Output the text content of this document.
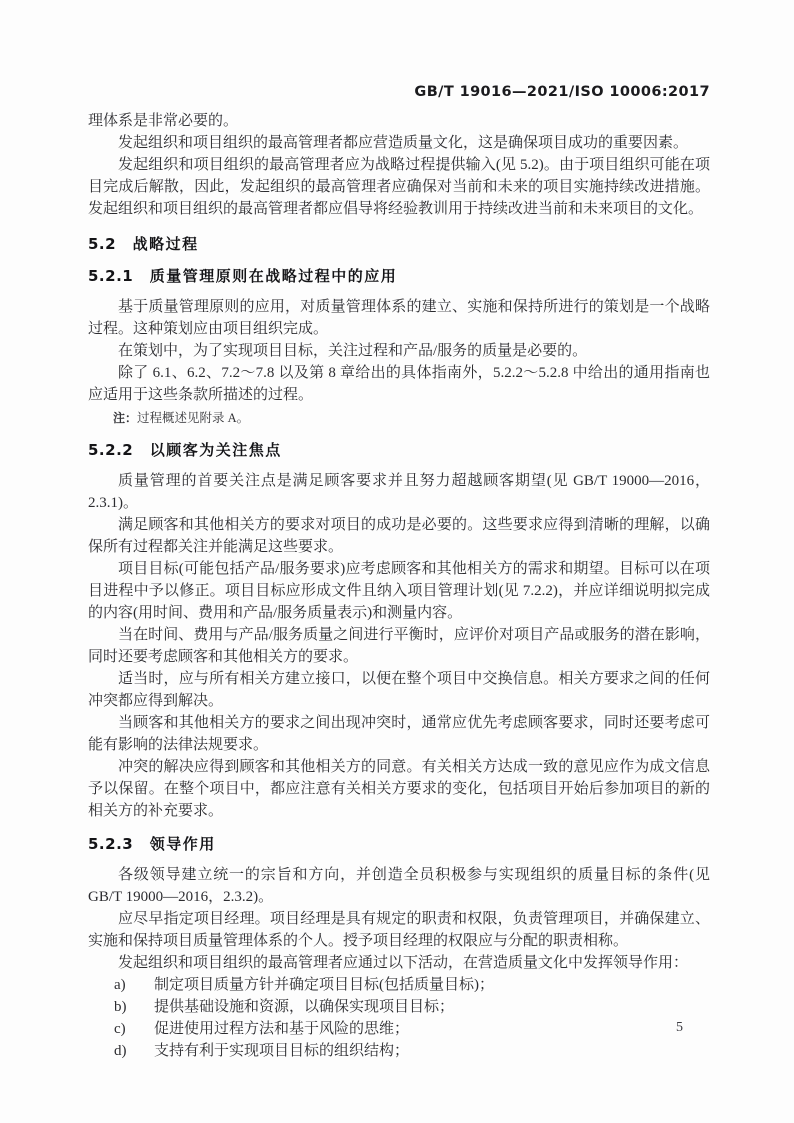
GB/T 19016—2021/ISO 10006:2017

理体系是非常必要的。

发起组织和项目组织的最高管理者都应营造质量文化，这是确保项目成功的重要因素。

发起组织和项目组织的最高管理者应为战略过程提供输入(见 5.2)。由于项目组织可能在项目完成后解散，因此，发起组织的最高管理者应确保对当前和未来的项目实施持续改进措施。发起组织和项目组织的最高管理者都应倡导将经验教训用于持续改进当前和未来项目的文化。

5.2 战略过程
5.2.1 质量管理原则在战略过程中的应用

基于质量管理原则的应用，对质量管理体系的建立、实施和保持所进行的策划是一个战略过程。这种策划应由项目组织完成。

在策划中，为了实现项目目标，关注过程和产品/服务的质量是必要的。

除了 6.1、6.2、7.2～7.8 以及第 8 章给出的具体指南外，5.2.2～5.2.8 中给出的通用指南也应适用于这些条款所描述的过程。

注：过程概述见附录 A。

5.2.2 以顾客为关注焦点

质量管理的首要关注点是满足顾客要求并且努力超越顾客期望(见 GB/T 19000—2016，2.3.1)。

满足顾客和其他相关方的要求对项目的成功是必要的。这些要求应得到清晰的理解，以确保所有过程都关注并能满足这些要求。

项目目标(可能包括产品/服务要求)应考虑顾客和其他相关方的需求和期望。目标可以在项目进程中予以修正。项目目标应形成文件且纳入项目管理计划(见 7.2.2)，并应详细说明拟完成的内容(用时间、费用和产品/服务质量表示)和测量内容。

当在时间、费用与产品/服务质量之间进行平衡时，应评价对项目产品或服务的潜在影响，同时还要考虑顾客和其他相关方的要求。

适当时，应与所有相关方建立接口，以便在整个项目中交换信息。相关方要求之间的任何冲突都应得到解决。

当顾客和其他相关方的要求之间出现冲突时，通常应优先考虑顾客要求，同时还要考虑可能有影响的法律法规要求。

冲突的解决应得到顾客和其他相关方的同意。有关相关方达成一致的意见应作为成文信息予以保留。在整个项目中，都应注意有关相关方要求的变化，包括项目开始后参加项目的新的相关方的补充要求。

5.2.3 领导作用

各级领导建立统一的宗旨和方向，并创造全员积极参与实现组织的质量目标的条件(见 GB/T 19000—2016，2.3.2)。

应尽早指定项目经理。项目经理是具有规定的职责和权限，负责管理项目，并确保建立、实施和保持项目质量管理体系的个人。授予项目经理的权限应与分配的职责相称。

发起组织和项目组织的最高管理者应通过以下活动，在营造质量文化中发挥领导作用：

a)	制定项目质量方针并确定项目目标(包括质量目标)；
b)	提供基础设施和资源，以确保实现项目目标；
c)	促进使用过程方法和基于风险的思维；
d)	支持有利于实现项目目标的组织结构；
5
